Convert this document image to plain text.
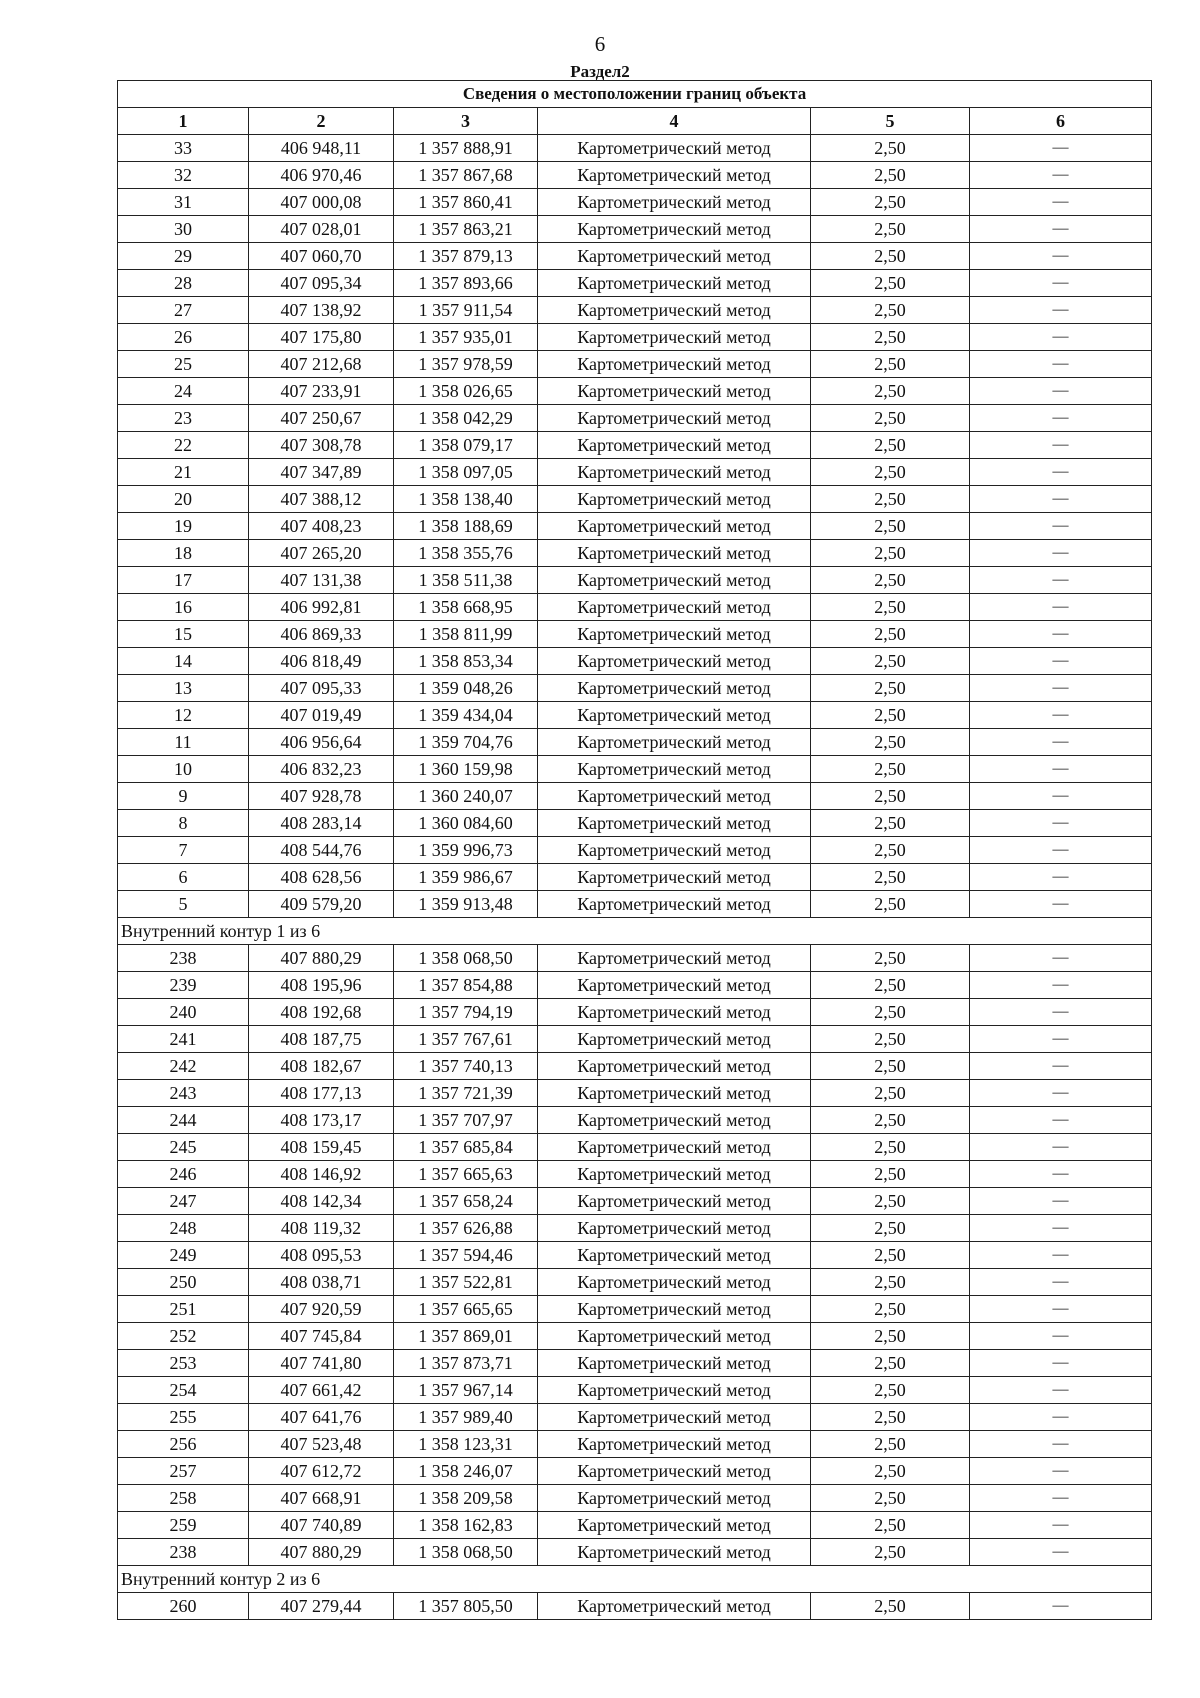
6
Раздел2
Сведения о местоположении границ объекта					
1	2	3	4	5	6
33	406 948,11	1 357 888,91	Картометрический метод	2,50	—
32	406 970,46	1 357 867,68	Картометрический метод	2,50	—
31	407 000,08	1 357 860,41	Картометрический метод	2,50	—
30	407 028,01	1 357 863,21	Картометрический метод	2,50	—
29	407 060,70	1 357 879,13	Картометрический метод	2,50	—
28	407 095,34	1 357 893,66	Картометрический метод	2,50	—
27	407 138,92	1 357 911,54	Картометрический метод	2,50	—
26	407 175,80	1 357 935,01	Картометрический метод	2,50	—
25	407 212,68	1 357 978,59	Картометрический метод	2,50	—
24	407 233,91	1 358 026,65	Картометрический метод	2,50	—
23	407 250,67	1 358 042,29	Картометрический метод	2,50	—
22	407 308,78	1 358 079,17	Картометрический метод	2,50	—
21	407 347,89	1 358 097,05	Картометрический метод	2,50	—
20	407 388,12	1 358 138,40	Картометрический метод	2,50	—
19	407 408,23	1 358 188,69	Картометрический метод	2,50	—
18	407 265,20	1 358 355,76	Картометрический метод	2,50	—
17	407 131,38	1 358 511,38	Картометрический метод	2,50	—
16	406 992,81	1 358 668,95	Картометрический метод	2,50	—
15	406 869,33	1 358 811,99	Картометрический метод	2,50	—
14	406 818,49	1 358 853,34	Картометрический метод	2,50	—
13	407 095,33	1 359 048,26	Картометрический метод	2,50	—
12	407 019,49	1 359 434,04	Картометрический метод	2,50	—
11	406 956,64	1 359 704,76	Картометрический метод	2,50	—
10	406 832,23	1 360 159,98	Картометрический метод	2,50	—
9	407 928,78	1 360 240,07	Картометрический метод	2,50	—
8	408 283,14	1 360 084,60	Картометрический метод	2,50	—
7	408 544,76	1 359 996,73	Картометрический метод	2,50	—
6	408 628,56	1 359 986,67	Картометрический метод	2,50	—
5	409 579,20	1 359 913,48	Картометрический метод	2,50	—
Внутренний контур 1 из 6					
238	407 880,29	1 358 068,50	Картометрический метод	2,50	—
239	408 195,96	1 357 854,88	Картометрический метод	2,50	—
240	408 192,68	1 357 794,19	Картометрический метод	2,50	—
241	408 187,75	1 357 767,61	Картометрический метод	2,50	—
242	408 182,67	1 357 740,13	Картометрический метод	2,50	—
243	408 177,13	1 357 721,39	Картометрический метод	2,50	—
244	408 173,17	1 357 707,97	Картометрический метод	2,50	—
245	408 159,45	1 357 685,84	Картометрический метод	2,50	—
246	408 146,92	1 357 665,63	Картометрический метод	2,50	—
247	408 142,34	1 357 658,24	Картометрический метод	2,50	—
248	408 119,32	1 357 626,88	Картометрический метод	2,50	—
249	408 095,53	1 357 594,46	Картометрический метод	2,50	—
250	408 038,71	1 357 522,81	Картометрический метод	2,50	—
251	407 920,59	1 357 665,65	Картометрический метод	2,50	—
252	407 745,84	1 357 869,01	Картометрический метод	2,50	—
253	407 741,80	1 357 873,71	Картометрический метод	2,50	—
254	407 661,42	1 357 967,14	Картометрический метод	2,50	—
255	407 641,76	1 357 989,40	Картометрический метод	2,50	—
256	407 523,48	1 358 123,31	Картометрический метод	2,50	—
257	407 612,72	1 358 246,07	Картометрический метод	2,50	—
258	407 668,91	1 358 209,58	Картометрический метод	2,50	—
259	407 740,89	1 358 162,83	Картометрический метод	2,50	—
238	407 880,29	1 358 068,50	Картометрический метод	2,50	—
Внутренний контур 2 из 6					
260	407 279,44	1 357 805,50	Картометрический метод	2,50	—
